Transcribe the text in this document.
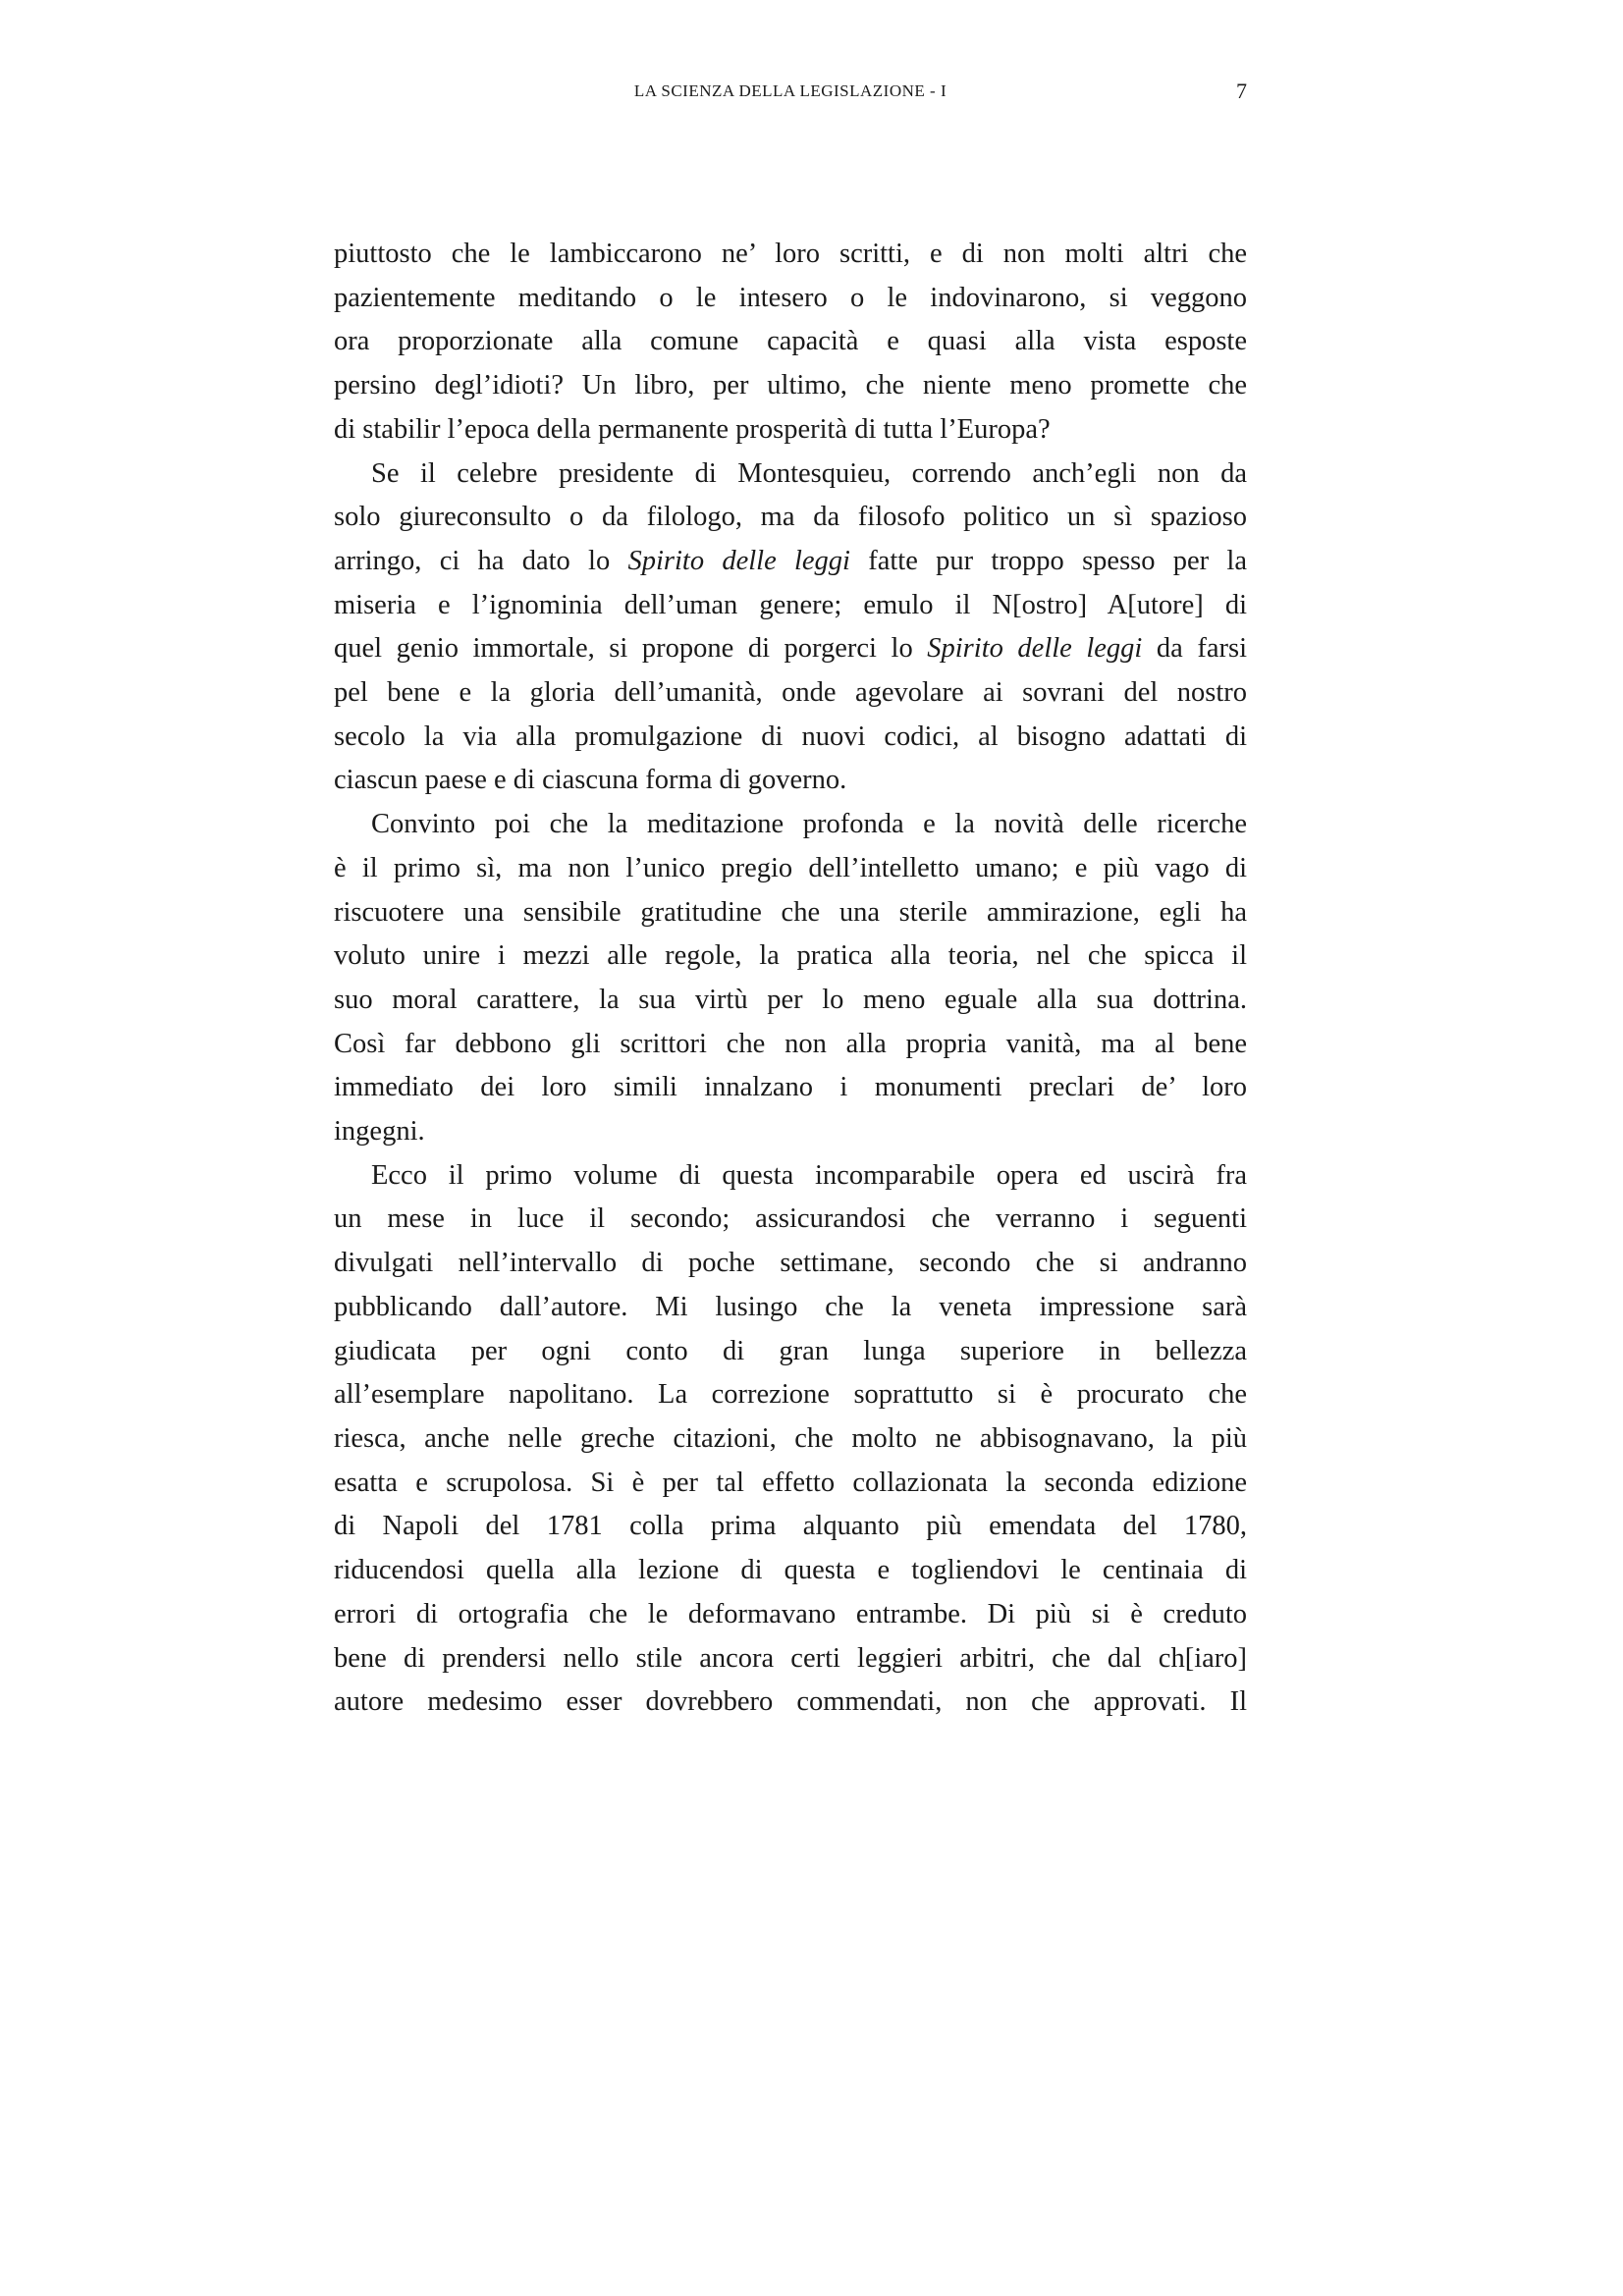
LA SCIENZA DELLA LEGISLAZIONE - I	7

piuttosto che le lambiccarono ne’ loro scritti, e di non molti altri che
pazientemente meditando o le intesero o le indovinarono, si veggono
ora proporzionate alla comune capacità e quasi alla vista esposte
persino degl’idioti? Un libro, per ultimo, che niente meno promette che
di stabilir l’epoca della permanente prosperità di tutta l’Europa?

Se il celebre presidente di Montesquieu, correndo anch’egli non da
solo giureconsulto o da filologo, ma da filosofo politico un sì spazioso
arringo, ci ha dato lo Spirito delle leggi fatte pur troppo spesso per la
miseria e l’ignominia dell’uman genere; emulo il N[ostro] A[utore] di
quel genio immortale, si propone di porgerci lo Spirito delle leggi da farsi
pel bene e la gloria dell’umanità, onde agevolare ai sovrani del nostro
secolo la via alla promulgazione di nuovi codici, al bisogno adattati di
ciascun paese e di ciascuna forma di governo.

Convinto poi che la meditazione profonda e la novità delle ricerche
è il primo sì, ma non l’unico pregio dell’intelletto umano; e più vago di
riscuotere una sensibile gratitudine che una sterile ammirazione, egli ha
voluto unire i mezzi alle regole, la pratica alla teoria, nel che spicca il
suo moral carattere, la sua virtù per lo meno eguale alla sua dottrina.
Così far debbono gli scrittori che non alla propria vanità, ma al bene
immediato dei loro simili innalzano i monumenti preclari de’ loro
ingegni.

Ecco il primo volume di questa incomparabile opera ed uscirà fra
un mese in luce il secondo; assicurandosi che verranno i seguenti
divulgati nell’intervallo di poche settimane, secondo che si andranno
pubblicando dall’autore. Mi lusingo che la veneta impressione sarà
giudicata per ogni conto di gran lunga superiore in bellezza
all’esemplare napolitano. La correzione soprattutto si è procurato che
riesca, anche nelle greche citazioni, che molto ne abbisognavano, la più
esatta e scrupolosa. Si è per tal effetto collazionata la seconda edizione
di Napoli del 1781 colla prima alquanto più emendata del 1780,
riducendosi quella alla lezione di questa e togliendovi le centinaia di
errori di ortografia che le deformavano entrambe. Di più si è creduto
bene di prendersi nello stile ancora certi leggieri arbitri, che dal ch[iaro]
autore medesimo esser dovrebbero commendati, non che approvati. Il
